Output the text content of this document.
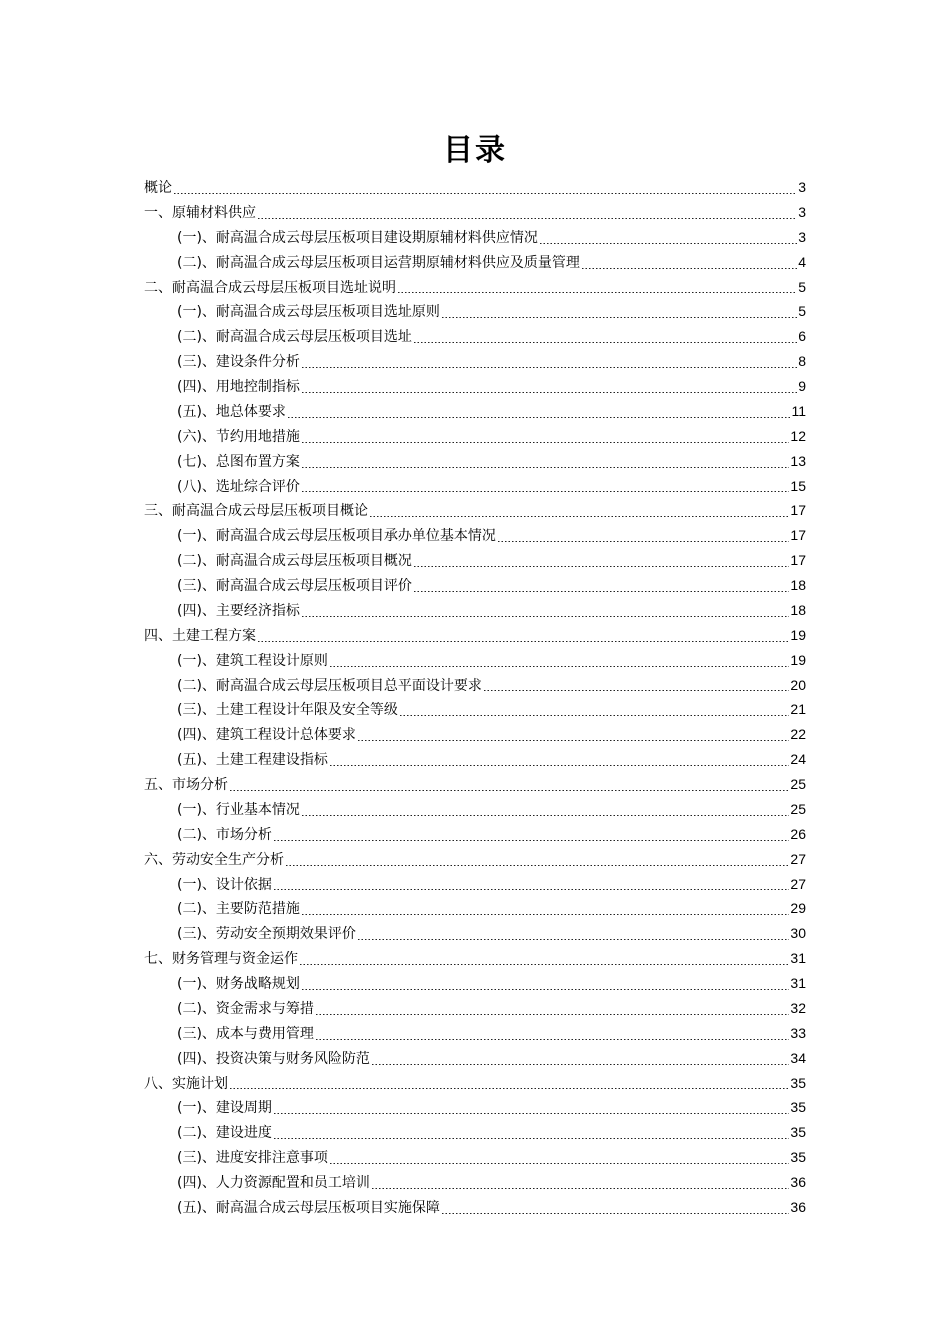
目录
概论	3
一、原辅材料供应	3
(一)、耐高温合成云母层压板项目建设期原辅材料供应情况	3
(二)、耐高温合成云母层压板项目运营期原辅材料供应及质量管理	4
二、耐高温合成云母层压板项目选址说明	5
(一)、耐高温合成云母层压板项目选址原则	5
(二)、耐高温合成云母层压板项目选址	6
(三)、建设条件分析	8
(四)、用地控制指标	9
(五)、地总体要求	11
(六)、节约用地措施	12
(七)、总图布置方案	13
(八)、选址综合评价	15
三、耐高温合成云母层压板项目概论	17
(一)、耐高温合成云母层压板项目承办单位基本情况	17
(二)、耐高温合成云母层压板项目概况	17
(三)、耐高温合成云母层压板项目评价	18
(四)、主要经济指标	18
四、土建工程方案	19
(一)、建筑工程设计原则	19
(二)、耐高温合成云母层压板项目总平面设计要求	20
(三)、土建工程设计年限及安全等级	21
(四)、建筑工程设计总体要求	22
(五)、土建工程建设指标	24
五、市场分析	25
(一)、行业基本情况	25
(二)、市场分析	26
六、劳动安全生产分析	27
(一)、设计依据	27
(二)、主要防范措施	29
(三)、劳动安全预期效果评价	30
七、财务管理与资金运作	31
(一)、财务战略规划	31
(二)、资金需求与筹措	32
(三)、成本与费用管理	33
(四)、投资决策与财务风险防范	34
八、实施计划	35
(一)、建设周期	35
(二)、建设进度	35
(三)、进度安排注意事项	35
(四)、人力资源配置和员工培训	36
(五)、耐高温合成云母层压板项目实施保障	36
